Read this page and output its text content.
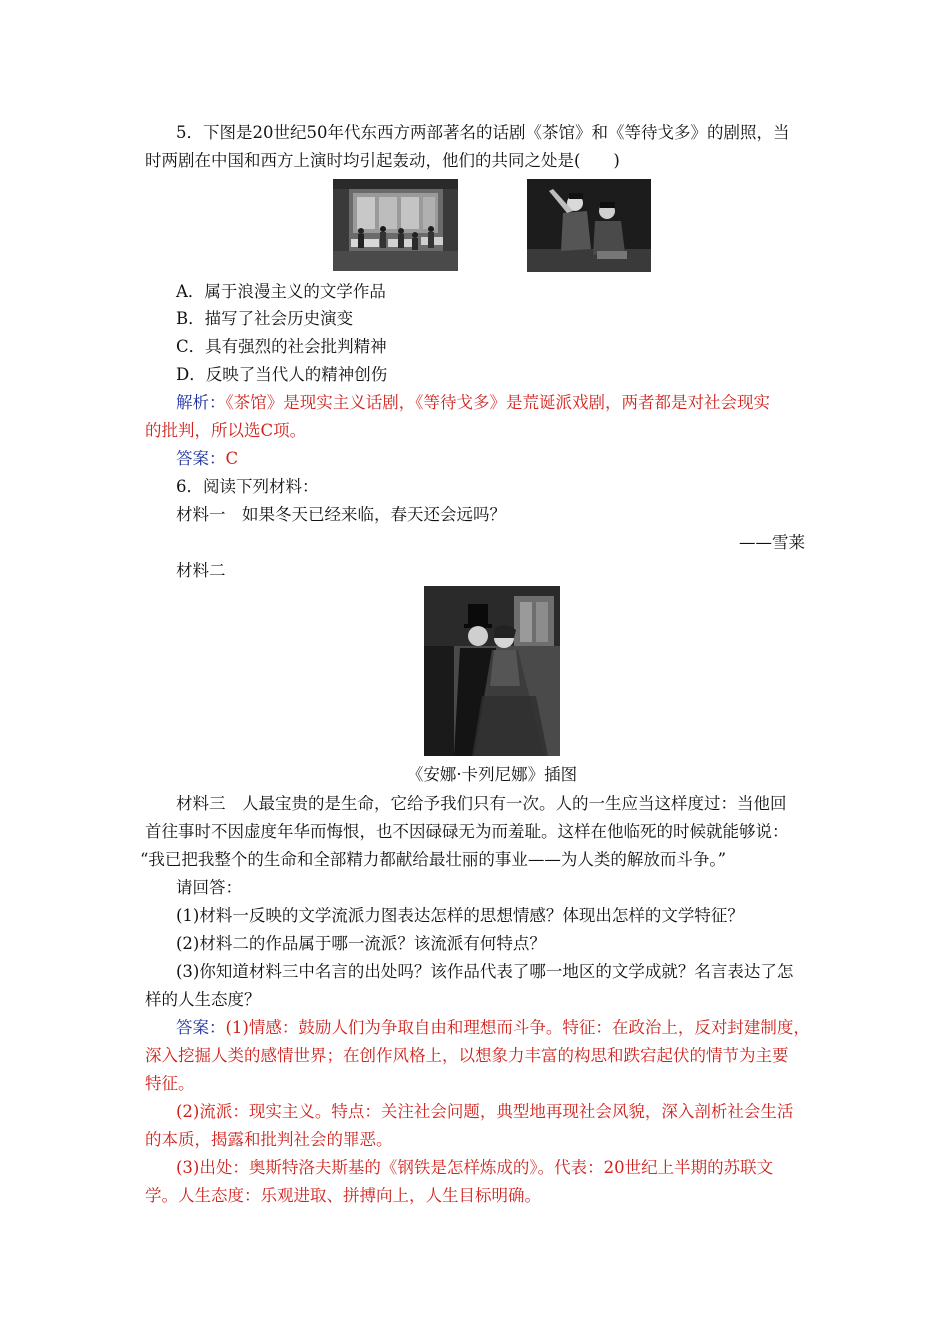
5．下图是20世纪50年代东西方两部著名的话剧《茶馆》和《等待戈多》的剧照，当
时两剧在中国和西方上演时均引起轰动，他们的共同之处是(　　)
A．属于浪漫主义的文学作品
B．描写了社会历史演变
C．具有强烈的社会批判精神
D．反映了当代人的精神创伤
解析：《茶馆》是现实主义话剧，《等待戈多》是荒诞派戏剧，两者都是对社会现实
的批判，所以选C项。
答案：C
6．阅读下列材料：
材料一　如果冬天已经来临，春天还会远吗？
——雪莱
材料二
《安娜·卡列尼娜》插图
材料三　人最宝贵的是生命，它给予我们只有一次。人的一生应当这样度过：当他回
首往事时不因虚度年华而悔恨，也不因碌碌无为而羞耻。这样在他临死的时候就能够说：
“我已把我整个的生命和全部精力都献给最壮丽的事业——为人类的解放而斗争。”
请回答：
(1)材料一反映的文学流派力图表达怎样的思想情感？体现出怎样的文学特征？
(2)材料二的作品属于哪一流派？该流派有何特点？
(3)你知道材料三中名言的出处吗？该作品代表了哪一地区的文学成就？名言表达了怎
样的人生态度？
答案：(1)情感：鼓励人们为争取自由和理想而斗争。特征：在政治上，反对封建制度，
深入挖掘人类的感情世界；在创作风格上，以想象力丰富的构思和跌宕起伏的情节为主要
特征。
(2)流派：现实主义。特点：关注社会问题，典型地再现社会风貌，深入剖析社会生活
的本质，揭露和批判社会的罪恶。
(3)出处：奥斯特洛夫斯基的《钢铁是怎样炼成的》。代表：20世纪上半期的苏联文
学。人生态度：乐观进取、拼搏向上，人生目标明确。
